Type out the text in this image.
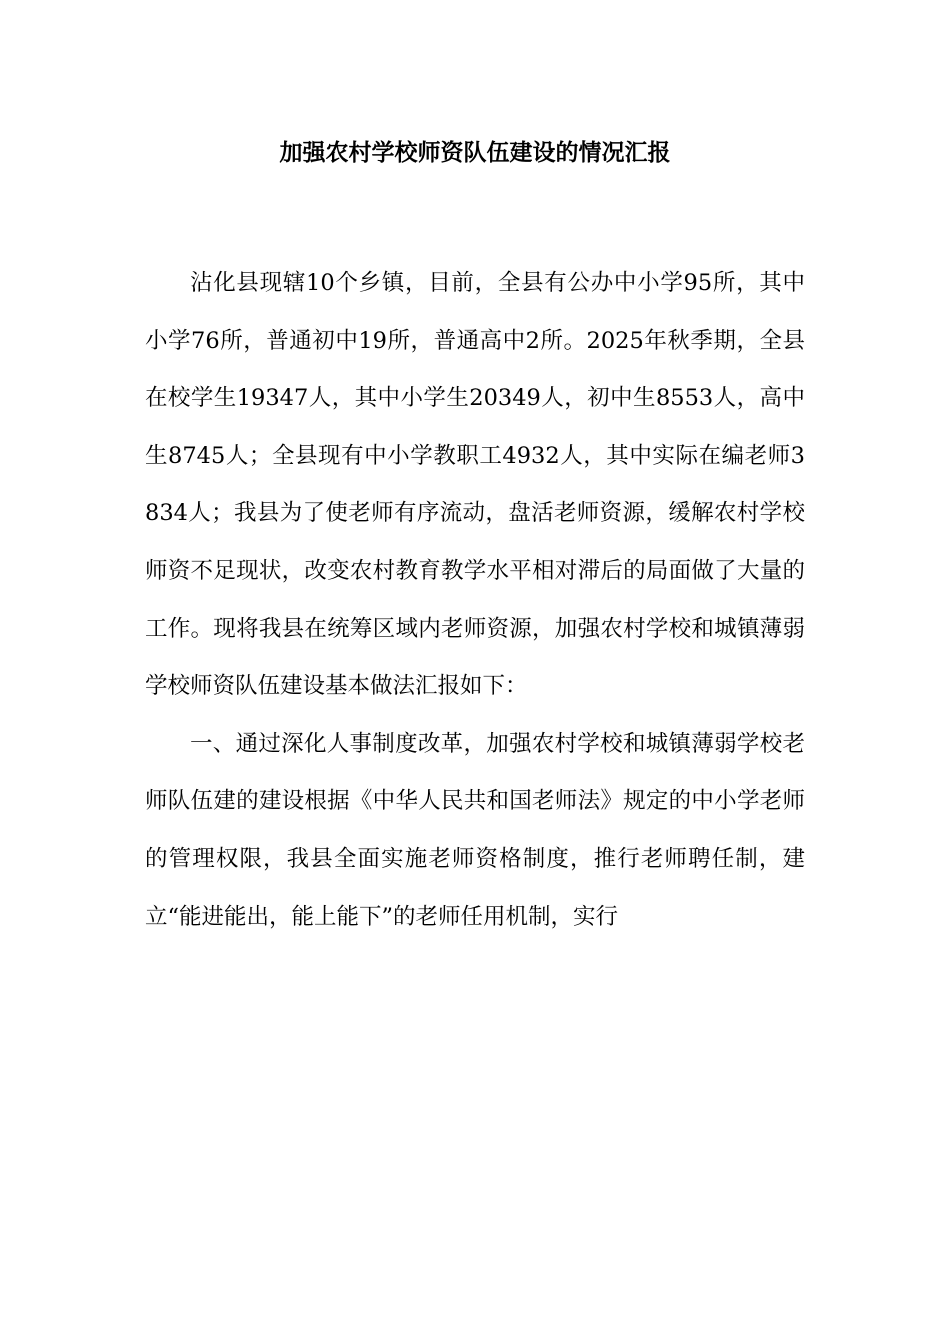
加强农村学校师资队伍建设的情况汇报

沾化县现辖10个乡镇，目前，全县有公办中小学95所，其中小学76所，普通初中19所，普通高中2所。2025年秋季期，全县在校学生19347人，其中小学生20349人，初中生8553人，高中生8745人；全县现有中小学教职工4932人，其中实际在编老师3834人；我县为了使老师有序流动，盘活老师资源，缓解农村学校师资不足现状，改变农村教育教学水平相对滞后的局面做了大量的工作。现将我县在统筹区域内老师资源，加强农村学校和城镇薄弱学校师资队伍建设基本做法汇报如下：

一、通过深化人事制度改革，加强农村学校和城镇薄弱学校老师队伍建的建设根据《中华人民共和国老师法》规定的中小学老师的管理权限，我县全面实施老师资格制度，推行老师聘任制，建立“能进能出，能上能下”的老师任用机制，实行
